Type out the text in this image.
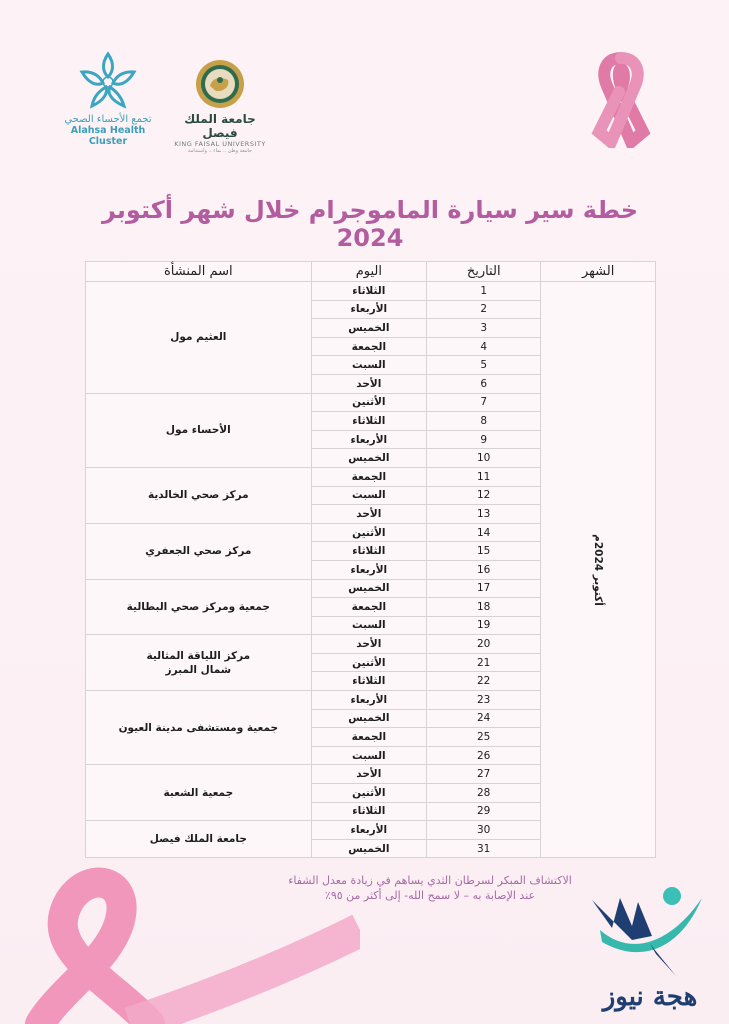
تجمع الأحساء الصحي
Alahsa Health Cluster
جامعة الملك فيصل
KING FAISAL UNIVERSITY
جامعة وطن .. نماء .. واستدامة
خطة سير سيارة الماموجرام خلال شهر أكتوبر 2024
الشهر	التاريخ	اليوم	اسم المنشأة
أكتوبر 2024م	1	الثلاثاء	العثيم مول
	2	الأربعاء	
	3	الخميس	
	4	الجمعة	
	5	السبت	
	6	الأحد	
	7	الأثنين	الأحساء مول
	8	الثلاثاء	
	9	الأربعاء	
	10	الخميس	
	11	الجمعة	مركز صحي الخالدية
	12	السبت	
	13	الأحد	
	14	الأثنين	مركز صحي الجعفري
	15	الثلاثاء	
	16	الأربعاء	
	17	الخميس	جمعية ومركز صحي البطالية
	18	الجمعة	
	19	السبت	
	20	الأحد	مركز اللياقة المثالية
شمال المبرز
	21	الأثنين	
	22	الثلاثاء	
	23	الأربعاء	جمعية ومستشفى مدينة العيون
	24	الخميس	
	25	الجمعة	
	26	السبت	
	27	الأحد	جمعية الشعبة
	28	الأثنين	
	29	الثلاثاء	
	30	الأربعاء	جامعة الملك فيصل
	31	الخميس	
الاكتشاف المبكر لسرطان الثدي يساهم في زيادة معدل الشفاء
عند الإصابة به – لا سمح الله- إلى أكثر من ٩٥٪
هجة نيوز
